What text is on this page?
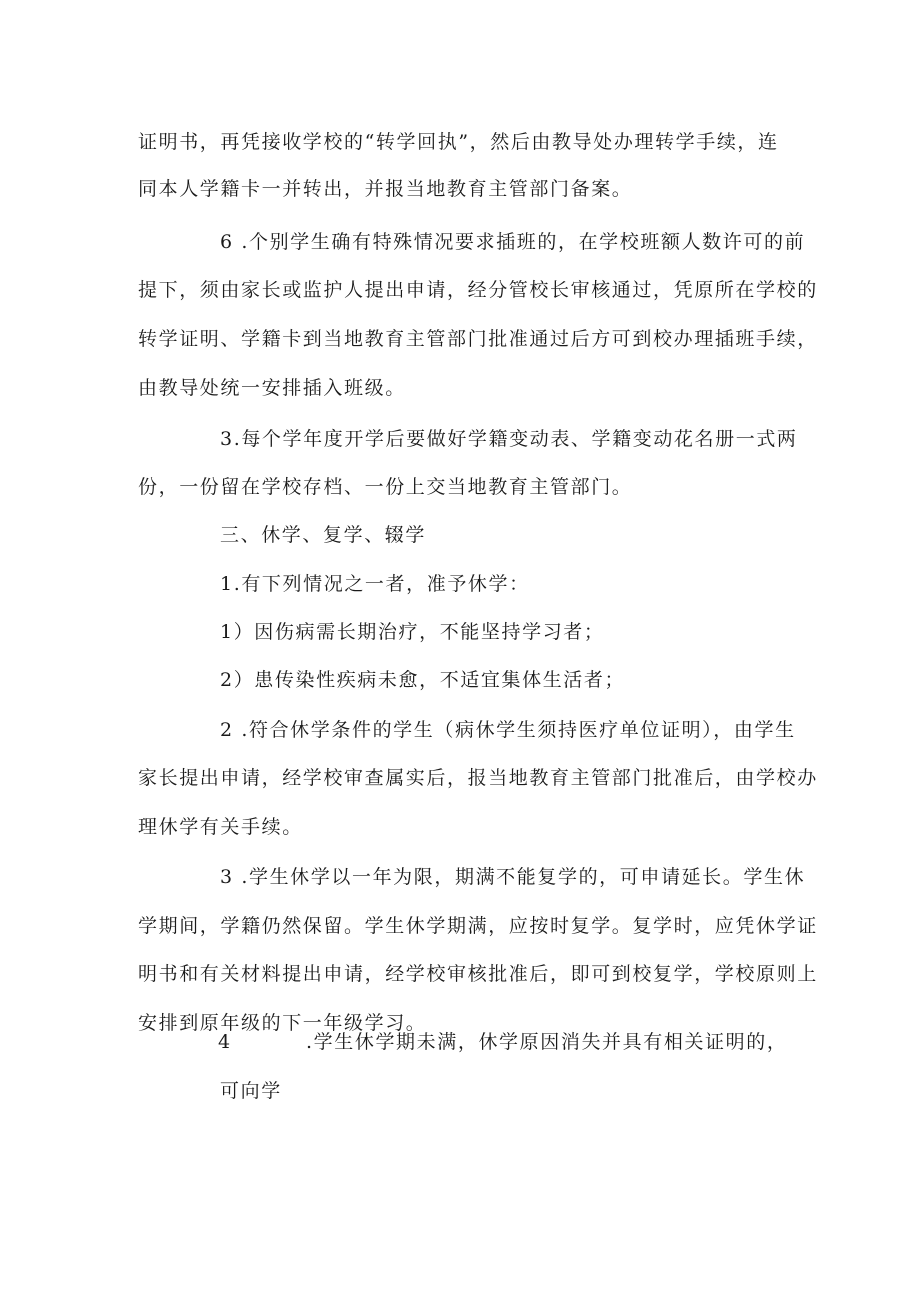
证明书，再凭接收学校的“转学回执”，然后由教导处办理转学手续，连
同本人学籍卡一并转出，并报当地教育主管部门备案。
6 .个别学生确有特殊情况要求插班的，在学校班额人数许可的前
提下，须由家长或监护人提出申请，经分管校长审核通过，凭原所在学校的
转学证明、学籍卡到当地教育主管部门批准通过后方可到校办理插班手续，
由教导处统一安排插入班级。
3.每个学年度开学后要做好学籍变动表、学籍变动花名册一式两
份，一份留在学校存档、一份上交当地教育主管部门。
三、休学、复学、辍学
1.有下列情况之一者，准予休学：
1）因伤病需长期治疗，不能坚持学习者；
2）患传染性疾病未愈，不适宜集体生活者；
2 .符合休学条件的学生（病休学生须持医疗单位证明），由学生
家长提出申请，经学校审查属实后，报当地教育主管部门批准后，由学校办
理休学有关手续。
3 .学生休学以一年为限，期满不能复学的，可申请延长。学生休
学期间，学籍仍然保留。学生休学期满，应按时复学。复学时，应凭休学证
明书和有关材料提出申请，经学校审核批准后，即可到校复学，学校原则上
安排到原年级的下一年级学习。
4	.学生休学期未满，休学原因消失并具有相关证明的，
可向学
